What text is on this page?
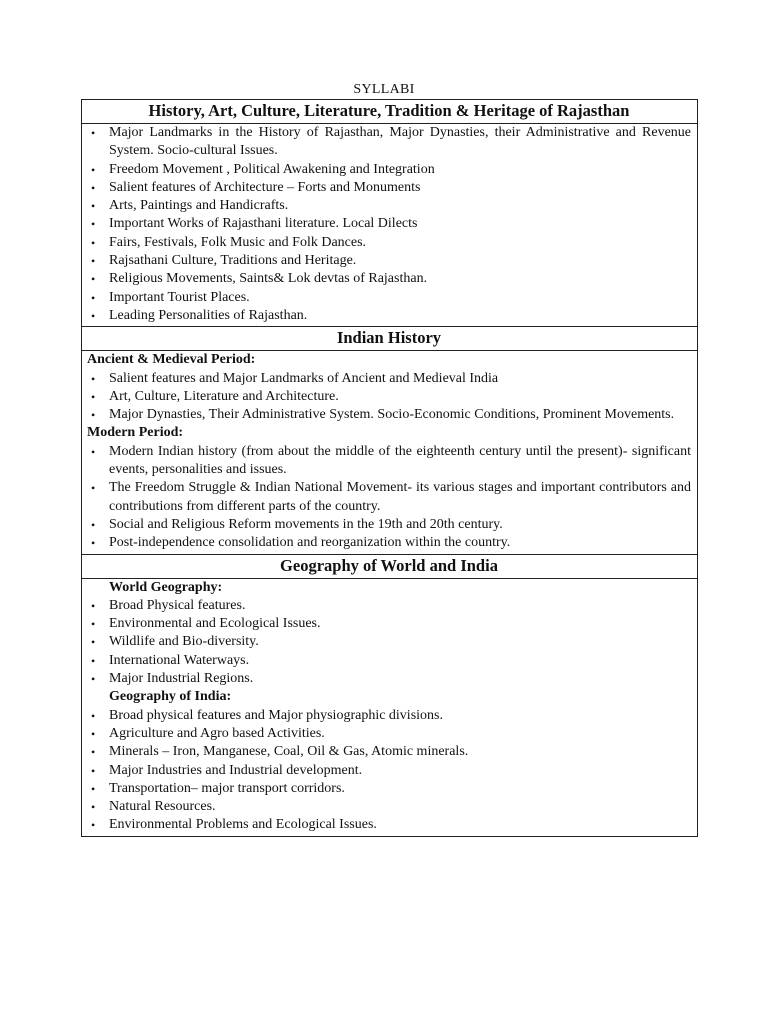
SYLLABI
History, Art, Culture, Literature, Tradition & Heritage of Rajasthan

• Major Landmarks in the History of Rajasthan, Major Dynasties, their Administrative and Revenue System. Socio-cultural Issues.
• Freedom Movement , Political Awakening and Integration
• Salient features of Architecture – Forts and Monuments
• Arts, Paintings and Handicrafts.
• Important Works of Rajasthani literature. Local Dilects
• Fairs, Festivals, Folk Music and Folk Dances.
• Rajsathani Culture, Traditions and Heritage.
• Religious Movements, Saints& Lok devtas of Rajasthan.
• Important Tourist Places.
• Leading Personalities of Rajasthan.

Indian History

Ancient & Medieval Period:
• Salient features and Major Landmarks of Ancient and Medieval India
• Art, Culture, Literature and Architecture.
• Major Dynasties, Their Administrative System. Socio-Economic Conditions, Prominent Movements.
Modern Period:
• Modern Indian history (from about the middle of the eighteenth century until the present)- significant events, personalities and issues.
• The Freedom Struggle & Indian National Movement- its various stages and important contributors and contributions from different parts of the country.
• Social and Religious Reform movements in the 19th and 20th century.
• Post-independence consolidation and reorganization within the country.

Geography of World and India

World Geography:
• Broad Physical features.
• Environmental and Ecological Issues.
• Wildlife and Bio-diversity.
• International Waterways.
• Major Industrial Regions.
Geography of India:
• Broad physical features and Major physiographic divisions.
• Agriculture and Agro based Activities.
• Minerals – Iron, Manganese, Coal, Oil & Gas, Atomic minerals.
• Major Industries and Industrial development.
• Transportation– major transport corridors.
• Natural Resources.
• Environmental Problems and Ecological Issues.
